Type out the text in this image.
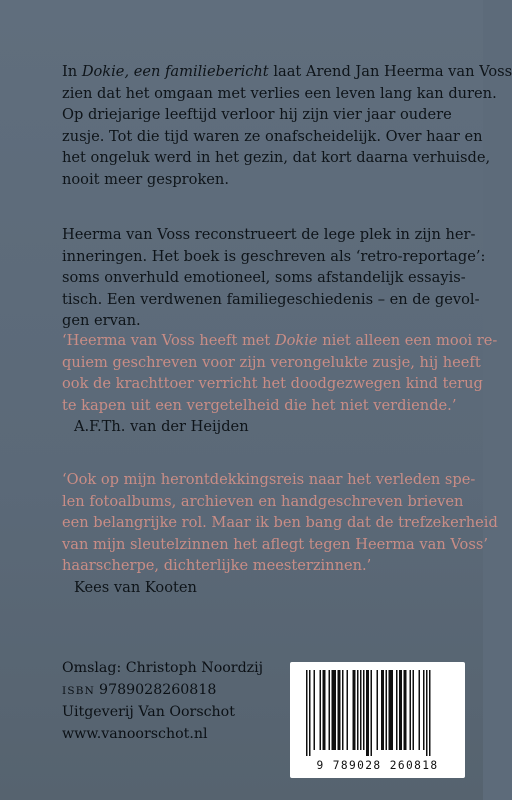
In Dokie, een familiebericht laat Arend Jan Heerma van Voss

zien dat het omgaan met verlies een leven lang kan duren.

Op driejarige leeftijd verloor hij zijn vier jaar oudere

zusje. Tot die tijd waren ze onafscheidelijk. Over haar en

het ongeluk werd in het gezin, dat kort daarna verhuisde,

nooit meer gesproken.

Heerma van Voss reconstrueert de lege plek in zijn her-

inneringen. Het boek is geschreven als ‘retro-reportage’:

soms onverhuld emotioneel, soms afstandelijk essayis-

tisch. Een verdwenen familiegeschiedenis – en de gevol-

gen ervan.

‘Heerma van Voss heeft met Dokie niet alleen een mooi re-

quiem geschreven voor zijn verongelukte zusje, hij heeft

ook de krachttoer verricht het doodgezwegen kind terug

te kapen uit een vergetelheid die het niet verdiende.’

A.F.Th. van der Heijden

‘Ook op mijn herontdekkingsreis naar het verleden spe-

len fotoalbums, archieven en handgeschreven brieven

een belangrijke rol. Maar ik ben bang dat de trefzekerheid

van mijn sleutelzinnen het aflegt tegen Heerma van Voss’

haarscherpe, dichterlijke meesterzinnen.’

Kees van Kooten

Omslag: Christoph Noordzij

ISBN 9789028260818

Uitgeverij Van Oorschot

www.vanoorschot.nl

9 789028 260818
